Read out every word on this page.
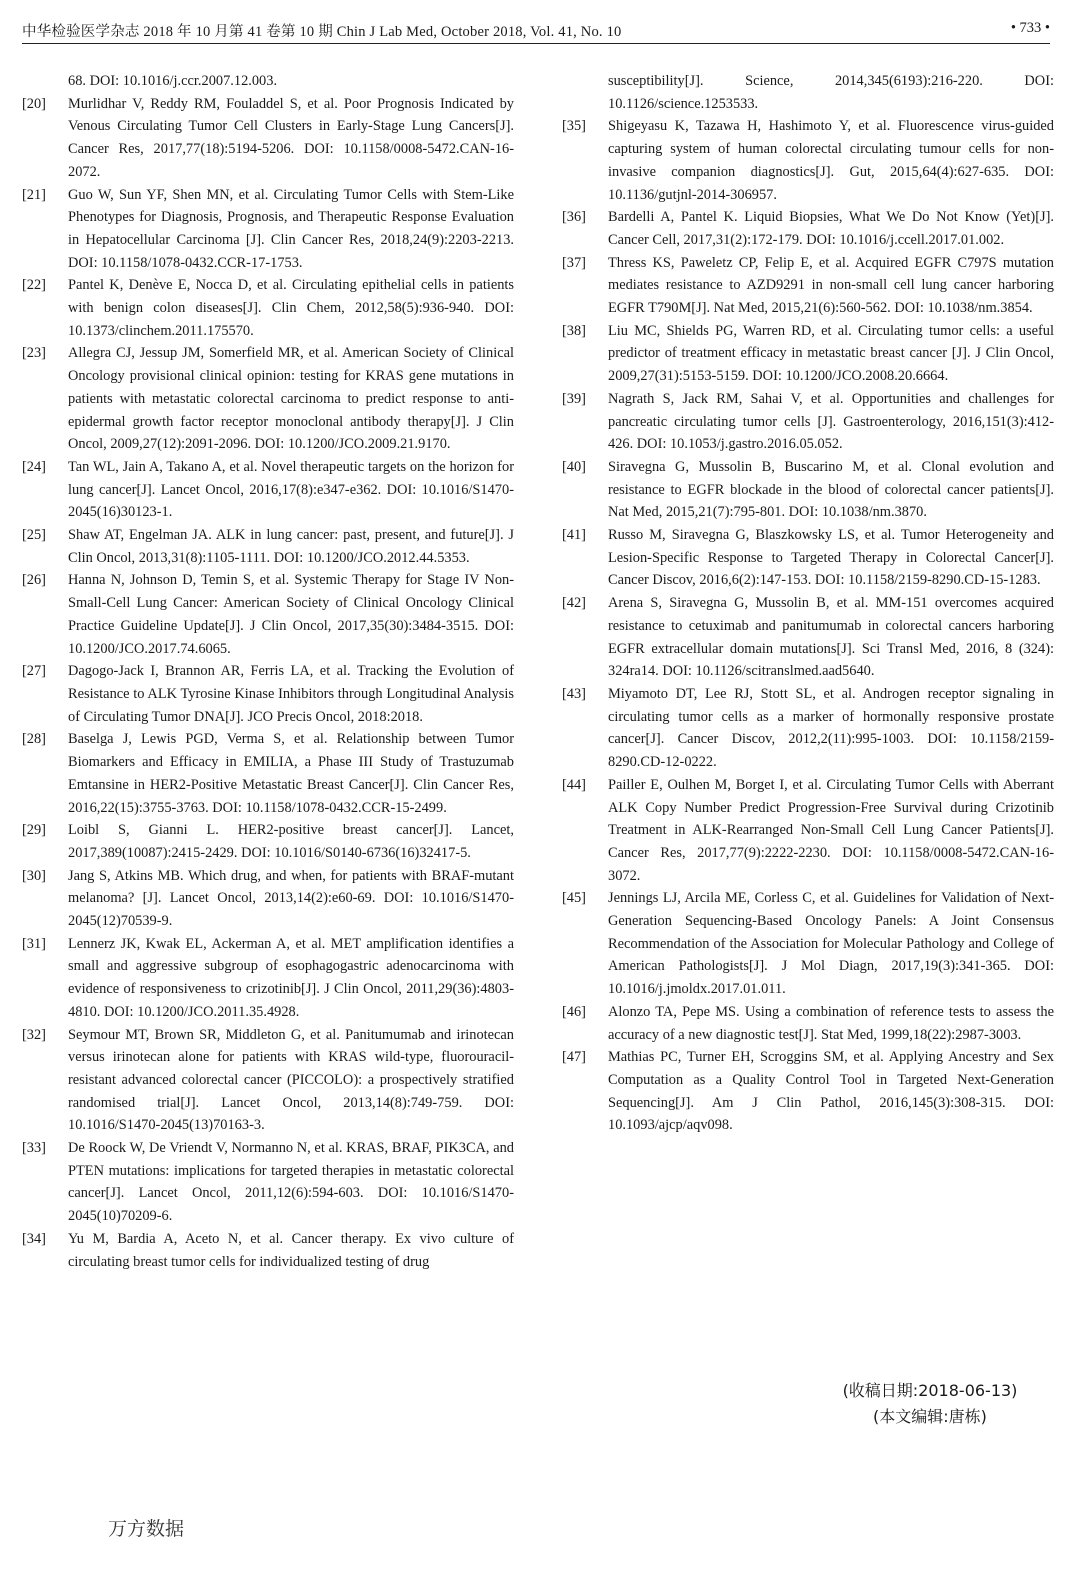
中华检验医学杂志 2018 年 10 月第 41 卷第 10 期 Chin J Lab Med, October 2018, Vol. 41, No. 10	• 733 •

68. DOI: 10.1016/j.ccr.2007.12.003.

[20] Murlidhar V, Reddy RM, Fouladdel S, et al. Poor Prognosis Indicated by Venous Circulating Tumor Cell Clusters in Early-Stage Lung Cancers[J]. Cancer Res, 2017,77(18):5194-5206. DOI: 10.1158/0008-5472.CAN-16-2072.

[21] Guo W, Sun YF, Shen MN, et al. Circulating Tumor Cells with Stem-Like Phenotypes for Diagnosis, Prognosis, and Therapeutic Response Evaluation in Hepatocellular Carcinoma [J]. Clin Cancer Res, 2018,24(9):2203-2213. DOI: 10.1158/1078-0432.CCR-17-1753.

[22] Pantel K, Denève E, Nocca D, et al. Circulating epithelial cells in patients with benign colon diseases[J]. Clin Chem, 2012,58(5):936-940. DOI: 10.1373/clinchem.2011.175570.

[23] Allegra CJ, Jessup JM, Somerfield MR, et al. American Society of Clinical Oncology provisional clinical opinion: testing for KRAS gene mutations in patients with metastatic colorectal carcinoma to predict response to anti-epidermal growth factor receptor monoclonal antibody therapy[J]. J Clin Oncol, 2009,27(12):2091-2096. DOI: 10.1200/JCO.2009.21.9170.

[24] Tan WL, Jain A, Takano A, et al. Novel therapeutic targets on the horizon for lung cancer[J]. Lancet Oncol, 2016,17(8):e347-e362. DOI: 10.1016/S1470-2045(16)30123-1.

[25] Shaw AT, Engelman JA. ALK in lung cancer: past, present, and future[J]. J Clin Oncol, 2013,31(8):1105-1111. DOI: 10.1200/JCO.2012.44.5353.

[26] Hanna N, Johnson D, Temin S, et al. Systemic Therapy for Stage IV Non-Small-Cell Lung Cancer: American Society of Clinical Oncology Clinical Practice Guideline Update[J]. J Clin Oncol, 2017,35(30):3484-3515. DOI: 10.1200/JCO.2017.74.6065.

[27] Dagogo-Jack I, Brannon AR, Ferris LA, et al. Tracking the Evolution of Resistance to ALK Tyrosine Kinase Inhibitors through Longitudinal Analysis of Circulating Tumor DNA[J]. JCO Precis Oncol, 2018:2018.

[28] Baselga J, Lewis PGD, Verma S, et al. Relationship between Tumor Biomarkers and Efficacy in EMILIA, a Phase III Study of Trastuzumab Emtansine in HER2-Positive Metastatic Breast Cancer[J]. Clin Cancer Res, 2016,22(15):3755-3763. DOI: 10.1158/1078-0432.CCR-15-2499.

[29] Loibl S, Gianni L. HER2-positive breast cancer[J]. Lancet, 2017,389(10087):2415-2429. DOI: 10.1016/S0140-6736(16)32417-5.

[30] Jang S, Atkins MB. Which drug, and when, for patients with BRAF-mutant melanoma? [J]. Lancet Oncol, 2013,14(2):e60-69. DOI: 10.1016/S1470-2045(12)70539-9.

[31] Lennerz JK, Kwak EL, Ackerman A, et al. MET amplification identifies a small and aggressive subgroup of esophagogastric adenocarcinoma with evidence of responsiveness to crizotinib[J]. J Clin Oncol, 2011,29(36):4803-4810. DOI: 10.1200/JCO.2011.35.4928.

[32] Seymour MT, Brown SR, Middleton G, et al. Panitumumab and irinotecan versus irinotecan alone for patients with KRAS wild-type, fluorouracil-resistant advanced colorectal cancer (PICCOLO): a prospectively stratified randomised trial[J]. Lancet Oncol, 2013,14(8):749-759. DOI: 10.1016/S1470-2045(13)70163-3.

[33] De Roock W, De Vriendt V, Normanno N, et al. KRAS, BRAF, PIK3CA, and PTEN mutations: implications for targeted therapies in metastatic colorectal cancer[J]. Lancet Oncol, 2011,12(6):594-603. DOI: 10.1016/S1470-2045(10)70209-6.

[34] Yu M, Bardia A, Aceto N, et al. Cancer therapy. Ex vivo culture of circulating breast tumor cells for individualized testing of drug

susceptibility[J]. Science, 2014,345(6193):216-220. DOI: 10.1126/science.1253533.

[35] Shigeyasu K, Tazawa H, Hashimoto Y, et al. Fluorescence virus-guided capturing system of human colorectal circulating tumour cells for non-invasive companion diagnostics[J]. Gut, 2015,64(4):627-635. DOI: 10.1136/gutjnl-2014-306957.

[36] Bardelli A, Pantel K. Liquid Biopsies, What We Do Not Know (Yet)[J]. Cancer Cell, 2017,31(2):172-179. DOI: 10.1016/j.ccell.2017.01.002.

[37] Thress KS, Paweletz CP, Felip E, et al. Acquired EGFR C797S mutation mediates resistance to AZD9291 in non-small cell lung cancer harboring EGFR T790M[J]. Nat Med, 2015,21(6):560-562. DOI: 10.1038/nm.3854.

[38] Liu MC, Shields PG, Warren RD, et al. Circulating tumor cells: a useful predictor of treatment efficacy in metastatic breast cancer [J]. J Clin Oncol, 2009,27(31):5153-5159. DOI: 10.1200/JCO.2008.20.6664.

[39] Nagrath S, Jack RM, Sahai V, et al. Opportunities and challenges for pancreatic circulating tumor cells [J]. Gastroenterology, 2016,151(3):412-426. DOI: 10.1053/j.gastro.2016.05.052.

[40] Siravegna G, Mussolin B, Buscarino M, et al. Clonal evolution and resistance to EGFR blockade in the blood of colorectal cancer patients[J]. Nat Med, 2015,21(7):795-801. DOI: 10.1038/nm.3870.

[41] Russo M, Siravegna G, Blaszkowsky LS, et al. Tumor Heterogeneity and Lesion-Specific Response to Targeted Therapy in Colorectal Cancer[J]. Cancer Discov, 2016,6(2):147-153. DOI: 10.1158/2159-8290.CD-15-1283.

[42] Arena S, Siravegna G, Mussolin B, et al. MM-151 overcomes acquired resistance to cetuximab and panitumumab in colorectal cancers harboring EGFR extracellular domain mutations[J]. Sci Transl Med, 2016, 8 (324): 324ra14. DOI: 10.1126/scitranslmed.aad5640.

[43] Miyamoto DT, Lee RJ, Stott SL, et al. Androgen receptor signaling in circulating tumor cells as a marker of hormonally responsive prostate cancer[J]. Cancer Discov, 2012,2(11):995-1003. DOI: 10.1158/2159-8290.CD-12-0222.

[44] Pailler E, Oulhen M, Borget I, et al. Circulating Tumor Cells with Aberrant ALK Copy Number Predict Progression-Free Survival during Crizotinib Treatment in ALK-Rearranged Non-Small Cell Lung Cancer Patients[J]. Cancer Res, 2017,77(9):2222-2230. DOI: 10.1158/0008-5472.CAN-16-3072.

[45] Jennings LJ, Arcila ME, Corless C, et al. Guidelines for Validation of Next-Generation Sequencing-Based Oncology Panels: A Joint Consensus Recommendation of the Association for Molecular Pathology and College of American Pathologists[J]. J Mol Diagn, 2017,19(3):341-365. DOI: 10.1016/j.jmoldx.2017.01.011.

[46] Alonzo TA, Pepe MS. Using a combination of reference tests to assess the accuracy of a new diagnostic test[J]. Stat Med, 1999,18(22):2987-3003.

[47] Mathias PC, Turner EH, Scroggins SM, et al. Applying Ancestry and Sex Computation as a Quality Control Tool in Targeted Next-Generation Sequencing[J]. Am J Clin Pathol, 2016,145(3):308-315. DOI: 10.1093/ajcp/aqv098.

(收稿日期:2018-06-13)
(本文编辑:唐栋)
万方数据
